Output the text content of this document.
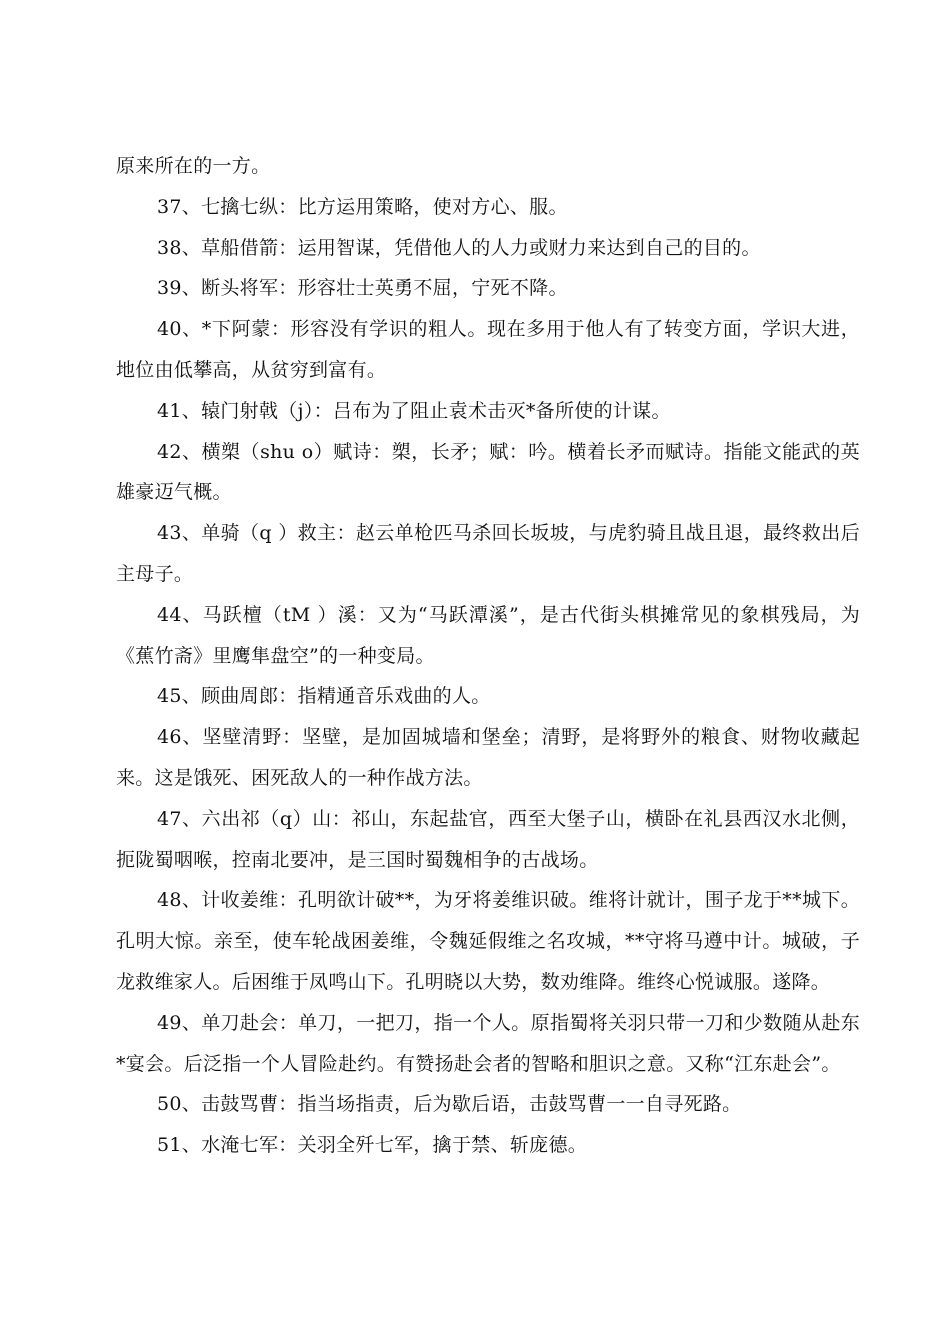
原来所在的一方。

37、七擒七纵：比方运用策略，使对方心、服。

38、草船借箭：运用智谋，凭借他人的人力或财力来达到自己的目的。

39、断头将军：形容壮士英勇不屈，宁死不降。

40、*下阿蒙：形容没有学识的粗人。现在多用于他人有了转变方面，学识大进，地位由低攀高，从贫穷到富有。

41、辕门射戟（j）：吕布为了阻止袁术击灭*备所使的计谋。

42、横槊（shu o）赋诗：槊，长矛；赋：吟。横着长矛而赋诗。指能文能武的英雄豪迈气概。

43、单骑（q ）救主：赵云单枪匹马杀回长坂坡，与虎豹骑且战且退，最终救出后主母子。

44、马跃檀（tM ）溪：又为“马跃潭溪”，是古代街头棋摊常见的象棋残局，为《蕉竹斋》里鹰隼盘空”的一种变局。

45、顾曲周郎：指精通音乐戏曲的人。

46、坚壁清野：坚壁，是加固城墙和堡垒；清野，是将野外的粮食、财物收藏起来。这是饿死、困死敌人的一种作战方法。

47、六出祁（q）山：祁山，东起盐官，西至大堡子山，横卧在礼县西汉水北侧，扼陇蜀咽喉，控南北要冲，是三国时蜀魏相争的古战场。

48、计收姜维：孔明欲计破**，为牙将姜维识破。维将计就计，围子龙于**城下。孔明大惊。亲至，使车轮战困姜维，令魏延假维之名攻城，**守将马遵中计。城破，子龙救维家人。后困维于凤鸣山下。孔明晓以大势，数劝维降。维终心悦诚服。遂降。

49、单刀赴会：单刀，一把刀，指一个人。原指蜀将关羽只带一刀和少数随从赴东*宴会。后泛指一个人冒险赴约。有赞扬赴会者的智略和胆识之意。又称“江东赴会”。

50、击鼓骂曹：指当场指责，后为歇后语，击鼓骂曹一一自寻死路。

51、水淹七军：关羽全歼七军，擒于禁、斩庞德。
